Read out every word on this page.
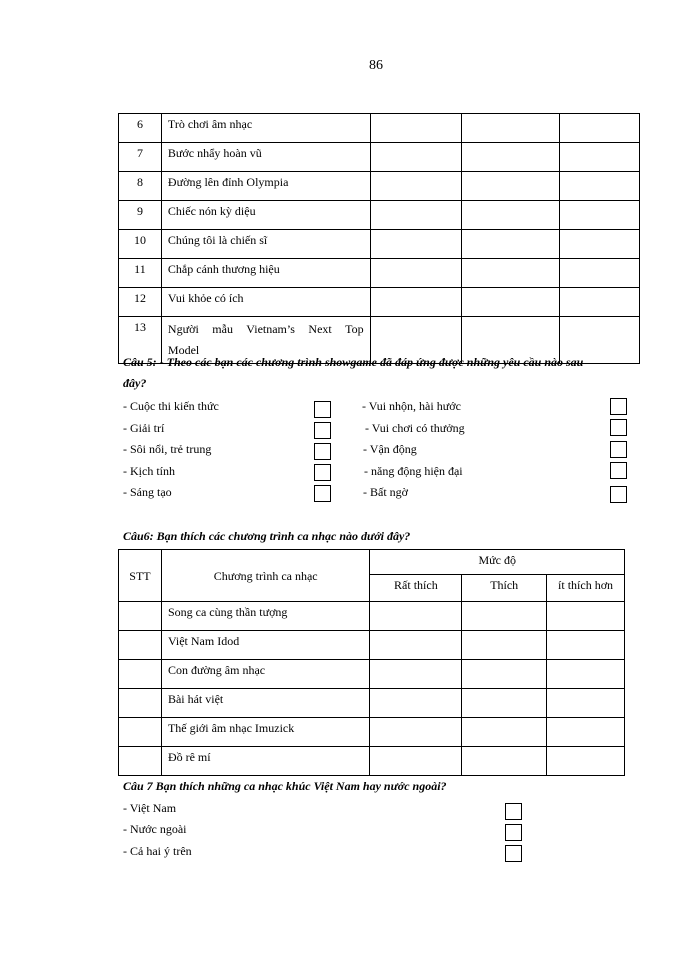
86
6	Trò chơi âm nhạc			
7	Bước nhẩy hoàn vũ			
8	Đường lên đỉnh Olympia			
9	Chiếc nón kỳ diệu			
10	Chúng tôi là chiến sĩ			
11	Chắp cánh thương hiệu			
12	Vui khỏe có ích			
13	Người mẫu Vietnam’s Next Top
Model			

Câu 5: - Theo các bạn các chương trình showgame đã đáp ứng được những yêu cầu nào sau
đây?
- Cuộc thi kiến thức
- Giải trí
- Sôi nổi, trẻ trung
- Kịch tính
- Sáng tạo
- Vui nhộn, hài hước
- Vui chơi có thưởng
- Vận động
- năng động hiện đại
- Bất ngờ
Câu6: Bạn thích các chương trình ca nhạc nào dưới đây?
STT	Chương trình ca nhạc	Mức độ		
		Rất thích	Thích	ít thích hơn
	Song ca cùng thần tượng			
	Việt Nam Idod			
	Con đường âm nhạc			
	Bài hát việt			
	Thế giới âm nhạc Imuzick			
	Đồ rê mí			
Câu 7 Bạn thích những ca nhạc khúc Việt Nam hay nước ngoài?
- Việt Nam
- Nước ngoài
- Cả hai ý trên
